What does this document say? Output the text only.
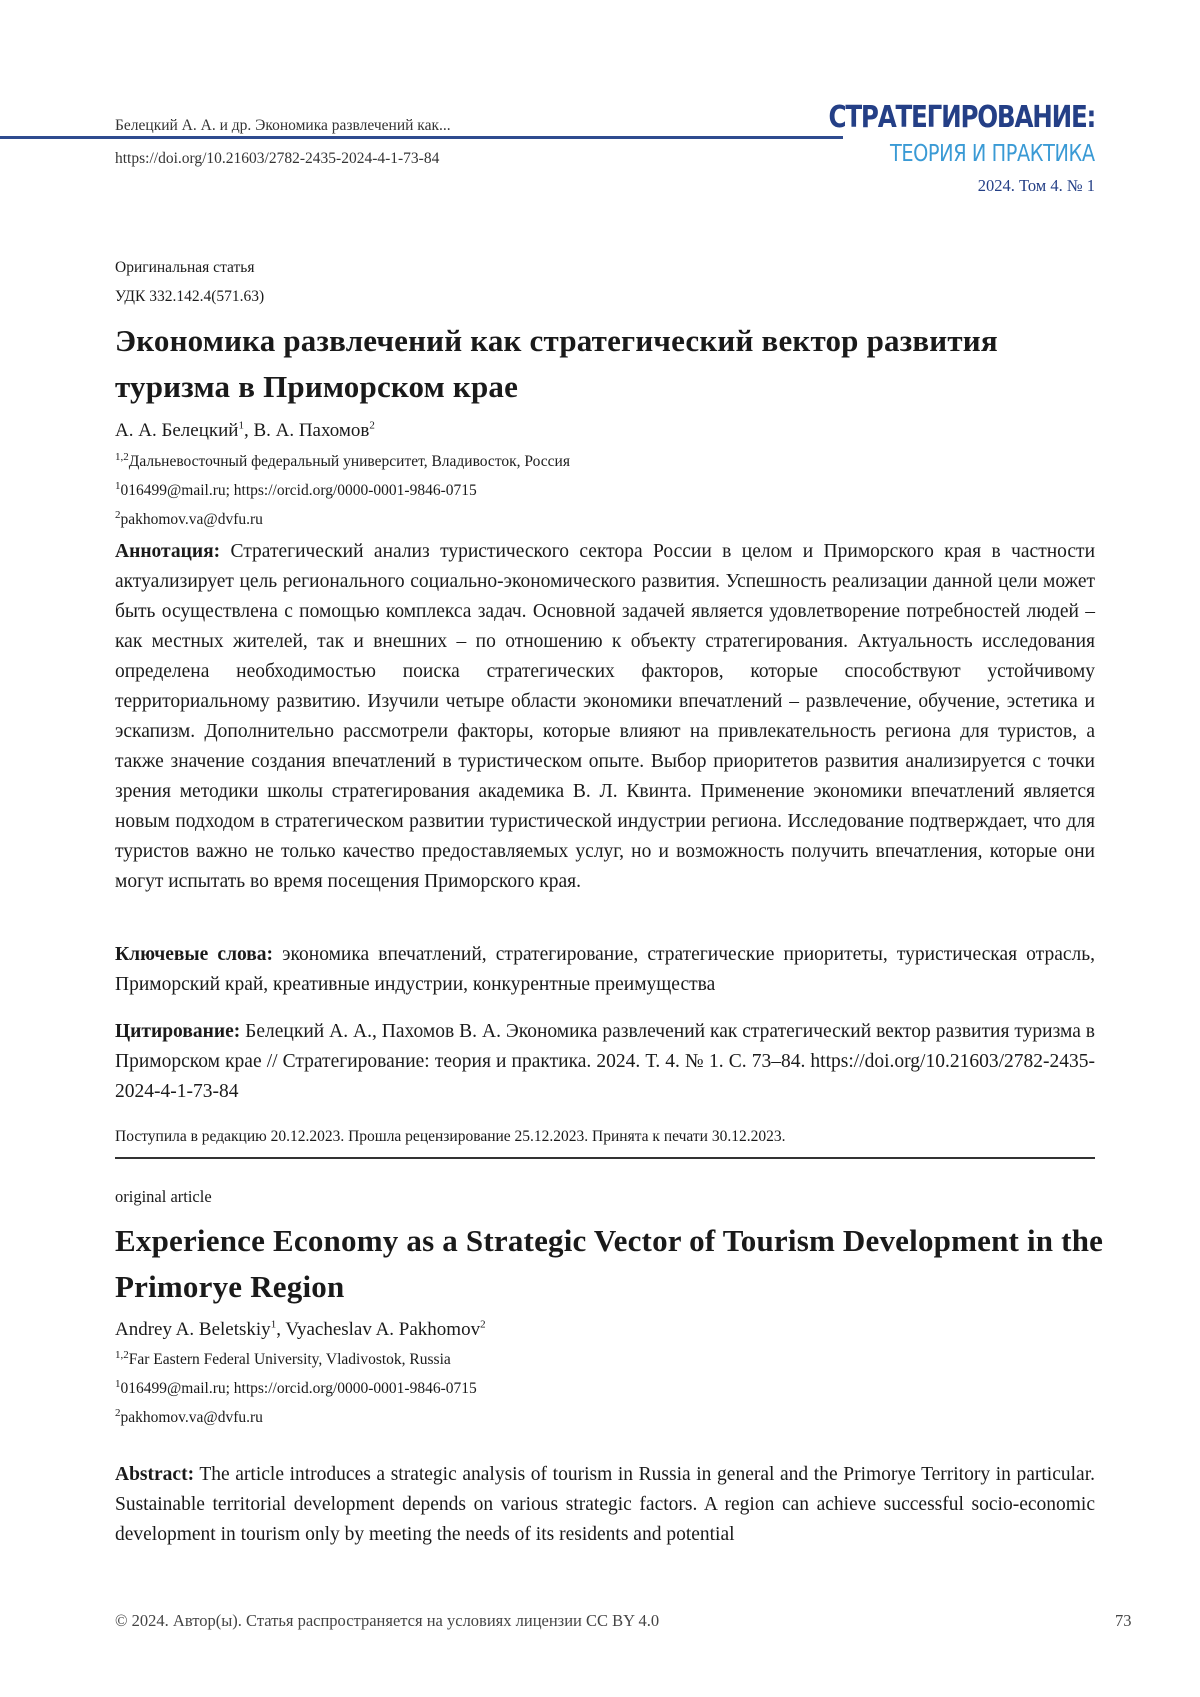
Белецкий А. А. и др. Экономика развлечений как...
https://doi.org/10.21603/2782-2435-2024-4-1-73-84
СТРАТЕГИРОВАНИЕ:
ТЕОРИЯ И ПРАКТИКА
2024. Том 4. № 1
Оригинальная статья
УДК 332.142.4(571.63)
Экономика развлечений как стратегический вектор развития туризма в Приморском крае
А. А. Белецкий$^1$, В. А. Пахомов$^2$
$^{1,2}$Дальневосточный федеральный университет, Владивосток, Россия
$^1$016499@mail.ru; https://orcid.org/0000-0001-9846-0715
$^2$pakhomov.va@dvfu.ru
Аннотация: Стратегический анализ туристического сектора России в целом и Приморского края в частности актуализирует цель регионального социально-экономического развития. Успешность реализации данной цели может быть осуществлена с помощью комплекса задач. Основной задачей является удовлетворение потребностей людей – как местных жителей, так и внешних – по отношению к объекту стратегирования. Актуальность исследования определена необходимостью поиска стратегических факторов, которые способствуют устойчивому территориальному развитию. Изучили четыре области экономики впечатлений – развлечение, обучение, эстетика и эскапизм. Дополнительно рассмотрели факторы, которые влияют на привлекательность региона для туристов, а также значение создания впечатлений в туристическом опыте. Выбор приоритетов развития анализируется с точки зрения методики школы стратегирования академика В. Л. Квинта. Применение экономики впечатлений является новым подходом в стратегическом развитии туристической индустрии региона. Исследование подтверждает, что для туристов важно не только качество предоставляемых услуг, но и возможность получить впечатления, которые они могут испытать во время посещения Приморского края.
Ключевые слова: экономика впечатлений, стратегирование, стратегические приоритеты, туристическая отрасль, Приморский край, креативные индустрии, конкурентные преимущества
Цитирование: Белецкий А. А., Пахомов В. А. Экономика развлечений как стратегический вектор развития туризма в Приморском крае // Стратегирование: теория и практика. 2024. Т. 4. № 1. С. 73–84. https://doi.org/10.21603/2782-2435-2024-4-1-73-84
Поступила в редакцию 20.12.2023. Прошла рецензирование 25.12.2023. Принята к печати 30.12.2023.
original article
Experience Economy as a Strategic Vector of Tourism Development in the Primorye Region
Andrey A. Beletskiy$^1$, Vyacheslav A. Pakhomov$^2$
$^{1,2}$Far Eastern Federal University, Vladivostok, Russia
$^1$016499@mail.ru; https://orcid.org/0000-0001-9846-0715
$^2$pakhomov.va@dvfu.ru
Abstract: The article introduces a strategic analysis of tourism in Russia in general and the Primorye Territory in particular. Sustainable territorial development depends on various strategic factors. A region can achieve successful socio-economic development in tourism only by meeting the needs of its residents and potential
© 2024. Автор(ы). Статья распространяется на условиях лицензии CC BY 4.0	73
